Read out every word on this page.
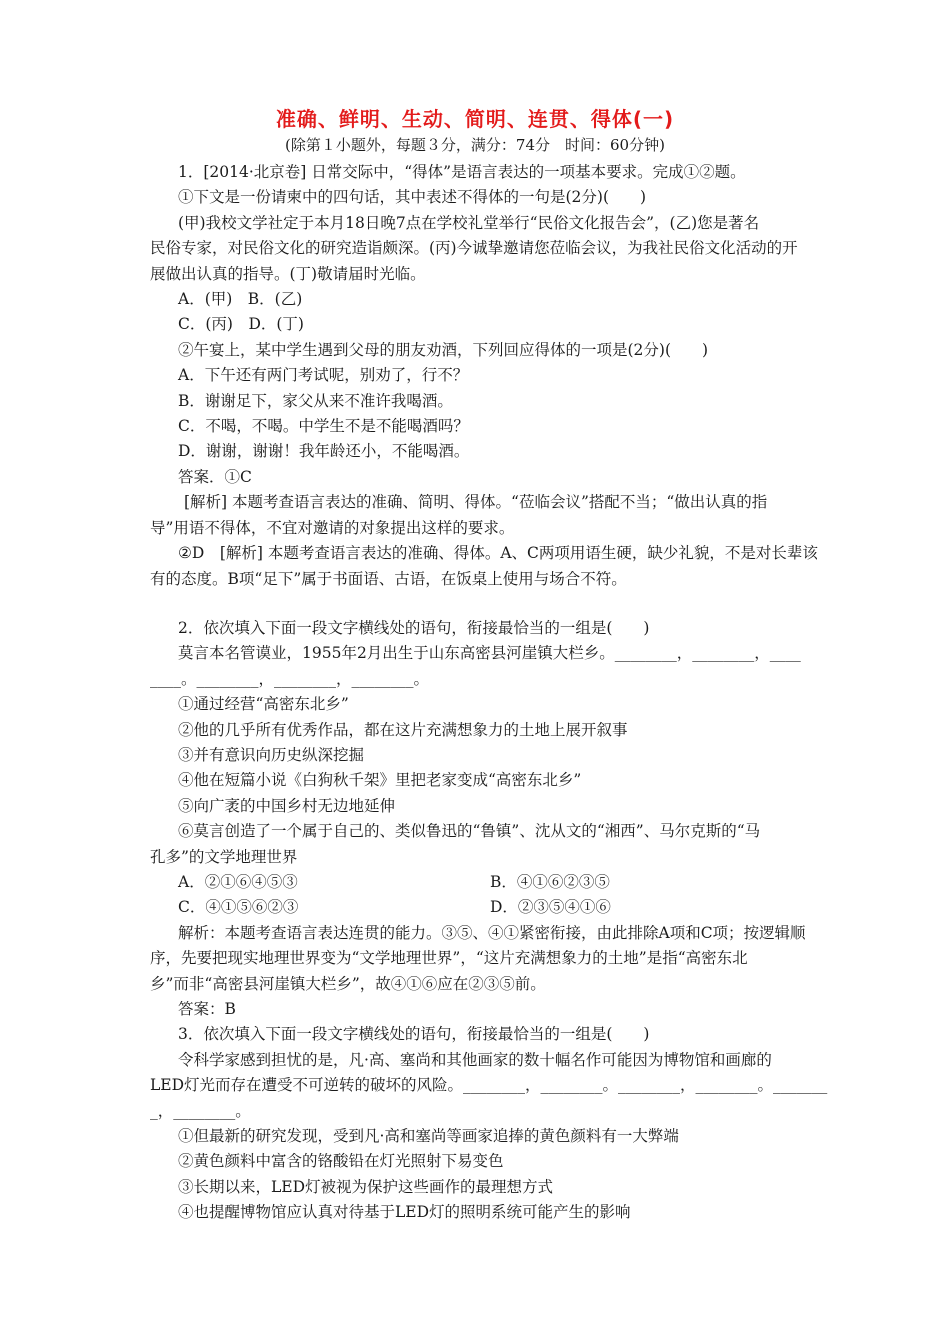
准确、鲜明、生动、简明、连贯、得体(一)
(除第１小题外，每题３分，满分：74分　时间：60分钟)
1．[2014·北京卷] 日常交际中，“得体”是语言表达的一项基本要求。完成①②题。
①下文是一份请柬中的四句话，其中表述不得体的一句是(2分)(　　)
(甲)我校文学社定于本月18日晚7点在学校礼堂举行“民俗文化报告会”，(乙)您是著名
民俗专家，对民俗文化的研究造诣颇深。(丙)今诚挚邀请您莅临会议，为我社民俗文化活动的开
展做出认真的指导。(丁)敬请届时光临。
A．(甲)　B．(乙)
C．(丙)　D．(丁)
②午宴上，某中学生遇到父母的朋友劝酒，下列回应得体的一项是(2分)(　　)
A．下午还有两门考试呢，别劝了，行不？
B．谢谢足下，家父从来不准许我喝酒。
C．不喝，不喝。中学生不是不能喝酒吗？
D．谢谢，谢谢！我年龄还小，不能喝酒。
答案．①C
[解析] 本题考查语言表达的准确、简明、得体。“莅临会议”搭配不当；“做出认真的指
导”用语不得体，不宜对邀请的对象提出这样的要求。
②D　[解析] 本题考查语言表达的准确、得体。A、C两项用语生硬，缺少礼貌，不是对长辈该
有的态度。B项“足下”属于书面语、古语，在饭桌上使用与场合不符。
2．依次填入下面一段文字横线处的语句，衔接最恰当的一组是(　　)
莫言本名管谟业，1955年2月出生于山东高密县河崖镇大栏乡。________，________，____
____。________，________，________。
①通过经营“高密东北乡”
②他的几乎所有优秀作品，都在这片充满想象力的土地上展开叙事
③并有意识向历史纵深挖掘
④他在短篇小说《白狗秋千架》里把老家变成“高密东北乡”
⑤向广袤的中国乡村无边地延伸
⑥莫言创造了一个属于自己的、类似鲁迅的“鲁镇”、沈从文的“湘西”、马尔克斯的“马
孔多”的文学地理世界
A．②①⑥④⑤③	B．④①⑥②③⑤
C．④①⑤⑥②③	D．②③⑤④①⑥
解析：本题考查语言表达连贯的能力。③⑤、④①紧密衔接，由此排除A项和C项；按逻辑顺
序，先要把现实地理世界变为“文学地理世界”，“这片充满想象力的土地”是指“高密东北
乡”而非“高密县河崖镇大栏乡”，故④①⑥应在②③⑤前。
答案：B
3．依次填入下面一段文字横线处的语句，衔接最恰当的一组是(　　)
令科学家感到担忧的是，凡·高、塞尚和其他画家的数十幅名作可能因为博物馆和画廊的
LED灯光而存在遭受不可逆转的破坏的风险。________，________。________，________。_______
_，________。
①但最新的研究发现，受到凡·高和塞尚等画家追捧的黄色颜料有一大弊端
②黄色颜料中富含的铬酸铅在灯光照射下易变色
③长期以来，LED灯被视为保护这些画作的最理想方式
④也提醒博物馆应认真对待基于LED灯的照明系统可能产生的影响
